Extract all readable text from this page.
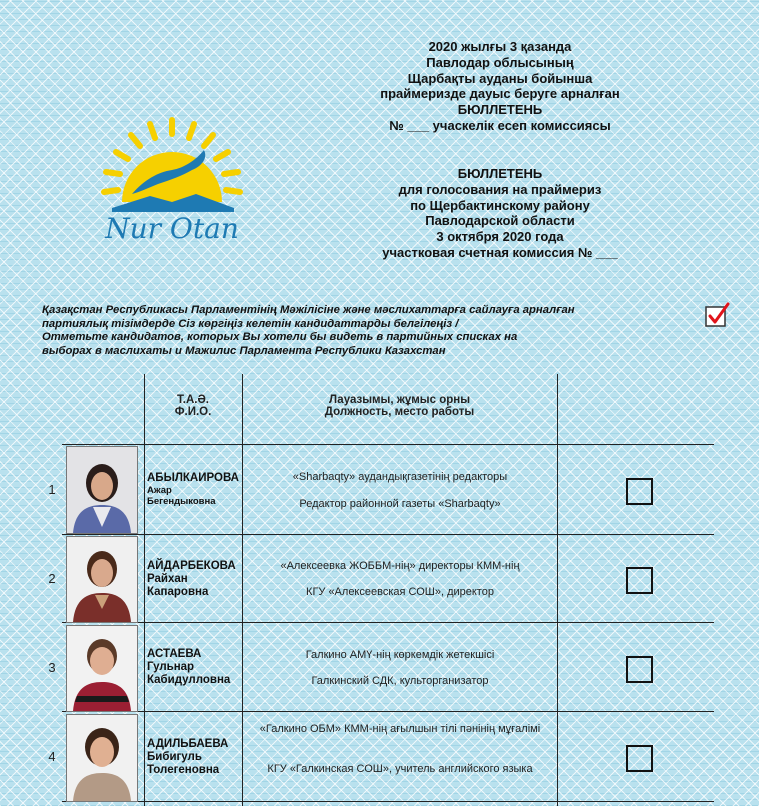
Nur Otan
2020 жылғы 3 қазанда
Павлодар облысының
Щарбақты ауданы бойынша
праймеризде дауыс беруге арналған
БЮЛЛЕТЕНЬ
№ ___ учаскелік есеп комиссиясы
БЮЛЛЕТЕНЬ
для голосования на праймериз
по Щербактинскому району
Павлодарской области
3 октября 2020 года
участковая счетная комиссия № ___
Қазақстан Республикасы Парламентінің Мәжілісіне және мәслихаттарға сайлауға арналған
партиялық тізімдерде Сіз көргіңіз келетін кандидаттарды белгілеңіз /
Отметьте кандидатов, которых Вы хотели бы видеть в партийных списках на
выборах в маслихаты и Мажилис Парламента Республики Казахстан
Т.А.Ә.
Ф.И.О.
Лауазымы, жұмыс орны
Должность, место работы
1
АБЫЛКАИРОВА
Ажар
Бегендыковна
«Sharbaqty» аудандықгазетінің редакторы
Редактор районной газеты «Sharbaqty»
2
АЙДАРБЕКОВА
Райхан
Капаровна
«Алексеевка ЖОББМ-нің» директоры КММ-нің
КГУ «Алексеевская СОШ», директор
3
АСТАЕВА
Гульнар
Кабидулловна
Галкино АМҮ-нің көркемдік жетекшісі
Галкинский СДК, культорганизатор
4
АДИЛЬБАЕВА
Бибигуль
Толегеновна
«Галкино ОБМ» КММ-нің ағылшын тілі пәнінің мұғалімі
КГУ «Галкинская СОШ», учитель английского языка
